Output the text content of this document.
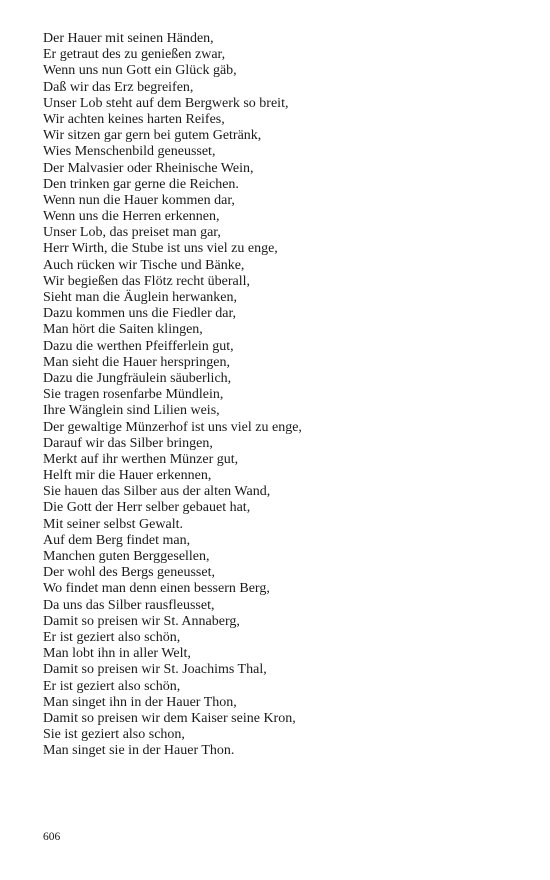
Der Hauer mit seinen Händen,
Er getraut des zu genießen zwar,
Wenn uns nun Gott ein Glück gäb,
Daß wir das Erz begreifen,
Unser Lob steht auf dem Bergwerk so breit,
Wir achten keines harten Reifes,
Wir sitzen gar gern bei gutem Getränk,
Wies Menschenbild geneusset,
Der Malvasier oder Rheinische Wein,
Den trinken gar gerne die Reichen.
Wenn nun die Hauer kommen dar,
Wenn uns die Herren erkennen,
Unser Lob, das preiset man gar,
Herr Wirth, die Stube ist uns viel zu enge,
Auch rücken wir Tische und Bänke,
Wir begießen das Flötz recht überall,
Sieht man die Äuglein herwanken,
Dazu kommen uns die Fiedler dar,
Man hört die Saiten klingen,
Dazu die werthen Pfeifferlein gut,
Man sieht die Hauer herspringen,
Dazu die Jungfräulein säuberlich,
Sie tragen rosenfarbe Mündlein,
Ihre Wänglein sind Lilien weis,
Der gewaltige Münzerhof ist uns viel zu enge,
Darauf wir das Silber bringen,
Merkt auf ihr werthen Münzer gut,
Helft mir die Hauer erkennen,
Sie hauen das Silber aus der alten Wand,
Die Gott der Herr selber gebauet hat,
Mit seiner selbst Gewalt.
Auf dem Berg findet man,
Manchen guten Berggesellen,
Der wohl des Bergs geneusset,
Wo findet man denn einen bessern Berg,
Da uns das Silber rausfleusset,
Damit so preisen wir St. Annaberg,
Er ist geziert also schön,
Man lobt ihn in aller Welt,
Damit so preisen wir St. Joachims Thal,
Er ist geziert also schön,
Man singet ihn in der Hauer Thon,
Damit so preisen wir dem Kaiser seine Kron,
Sie ist geziert also schon,
Man singet sie in der Hauer Thon.
606
